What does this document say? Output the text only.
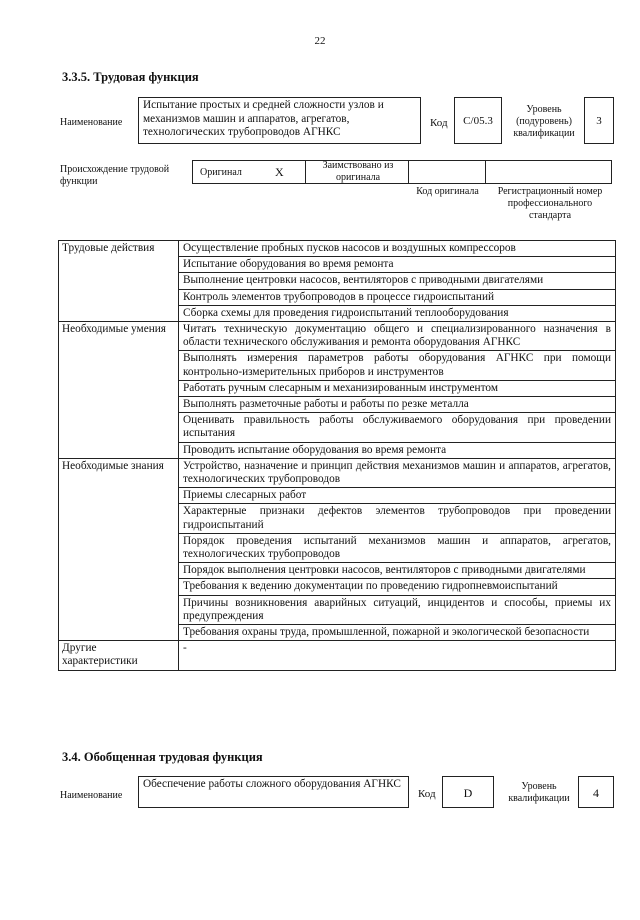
22
3.3.5. Трудовая функция
Наименование
Испытание простых и средней сложности узлов и механизмов машин и аппаратов, агрегатов, технологических трубопроводов АГНКС
Код	С/05.3
Уровень (подуровень) квалификации
3
Происхождение трудовой функции
Оригинал	X	Заимствовано из оригинала
Код оригинала	Регистрационный номер профессионального стандарта
Трудовые действия	Осуществление пробных пусков насосов и воздушных компрессоров
	Испытание оборудования во время ремонта
	Выполнение центровки насосов, вентиляторов с приводными двигателями
	Контроль элементов трубопроводов в процессе гидроиспытаний
	Сборка схемы для проведения гидроиспытаний теплооборудования
Необходимые умения	Читать техническую документацию общего и специализированного назначения в области технического обслуживания и ремонта оборудования АГНКС
	Выполнять измерения параметров работы оборудования АГНКС при помощи контрольно-измерительных приборов и инструментов
	Работать ручным слесарным и механизированным инструментом
	Выполнять разметочные работы и работы по резке металла
	Оценивать правильность работы обслуживаемого оборудования при проведении испытания
	Проводить испытание оборудования во время ремонта
Необходимые знания	Устройство, назначение и принцип действия механизмов машин и аппаратов, агрегатов, технологических трубопроводов
	Приемы слесарных работ
	Характерные признаки дефектов элементов трубопроводов при проведении гидроиспытаний
	Порядок проведения испытаний механизмов машин и аппаратов, агрегатов, технологических трубопроводов
	Порядок выполнения центровки насосов, вентиляторов с приводными двигателями
	Требования к ведению документации по проведению гидропневмоиспытаний
	Причины возникновения аварийных ситуаций, инцидентов и способы, приемы их предупреждения
	Требования охраны труда, промышленной, пожарной и экологической безопасности
Другие характеристики	-
3.4. Обобщенная трудовая функция
Наименование
Обеспечение работы сложного оборудования АГНКС
Код	D	Уровень квалификации	4
